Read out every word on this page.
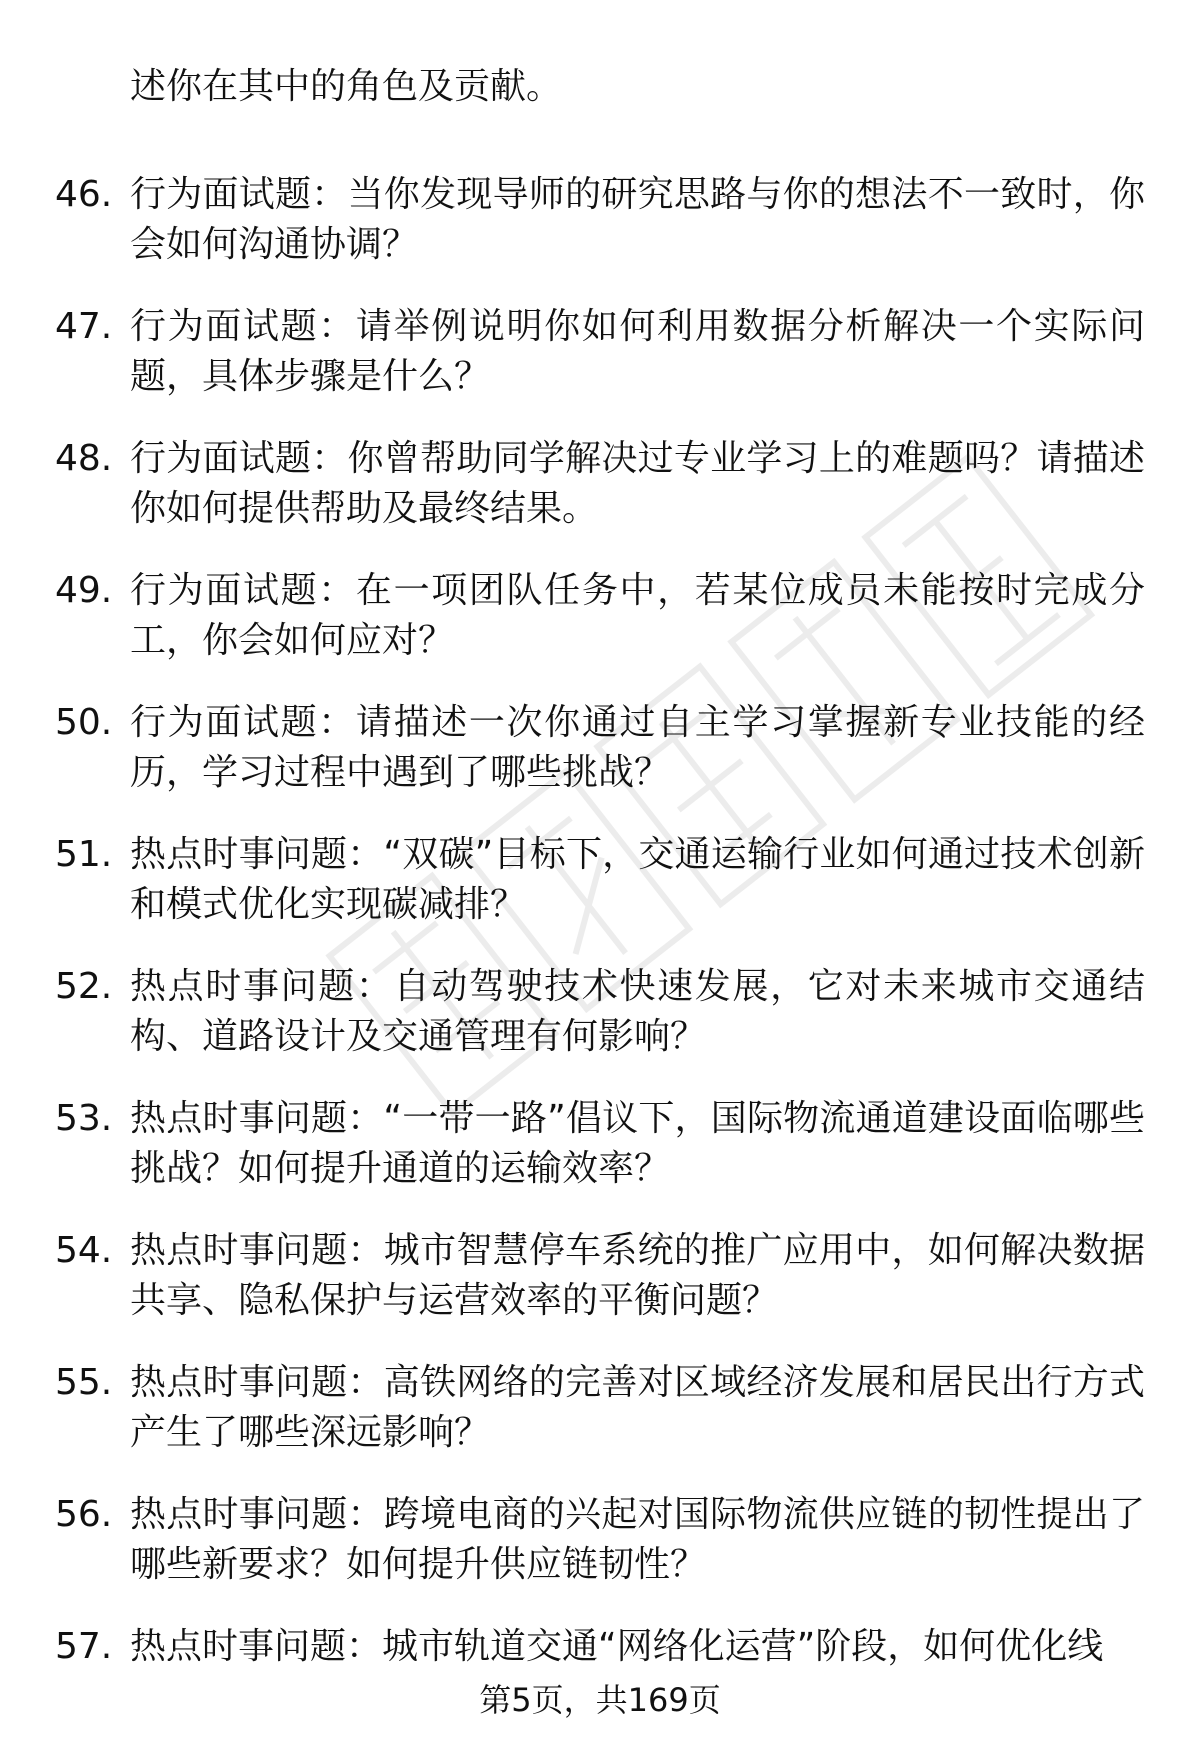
述你在其中的角色及贡献。
46. 行为面试题：当你发现导师的研究思路与你的想法不一致时，你会如何沟通协调？
47. 行为面试题：请举例说明你如何利用数据分析解决一个实际问题，具体步骤是什么？
48. 行为面试题：你曾帮助同学解决过专业学习上的难题吗？请描述你如何提供帮助及最终结果。
49. 行为面试题：在一项团队任务中，若某位成员未能按时完成分工，你会如何应对？
50. 行为面试题：请描述一次你通过自主学习掌握新专业技能的经历，学习过程中遇到了哪些挑战？
51. 热点时事问题：“双碳”目标下，交通运输行业如何通过技术创新和模式优化实现碳减排？
52. 热点时事问题：自动驾驶技术快速发展，它对未来城市交通结构、道路设计及交通管理有何影响？
53. 热点时事问题：“一带一路”倡议下，国际物流通道建设面临哪些挑战？如何提升通道的运输效率？
54. 热点时事问题：城市智慧停车系统的推广应用中，如何解决数据共享、隐私保护与运营效率的平衡问题？
55. 热点时事问题：高铁网络的完善对区域经济发展和居民出行方式产生了哪些深远影响？
56. 热点时事问题：跨境电商的兴起对国际物流供应链的韧性提出了哪些新要求？如何提升供应链韧性？
57. 热点时事问题：城市轨道交通“网络化运营”阶段，如何优化线
第5页，共169页
